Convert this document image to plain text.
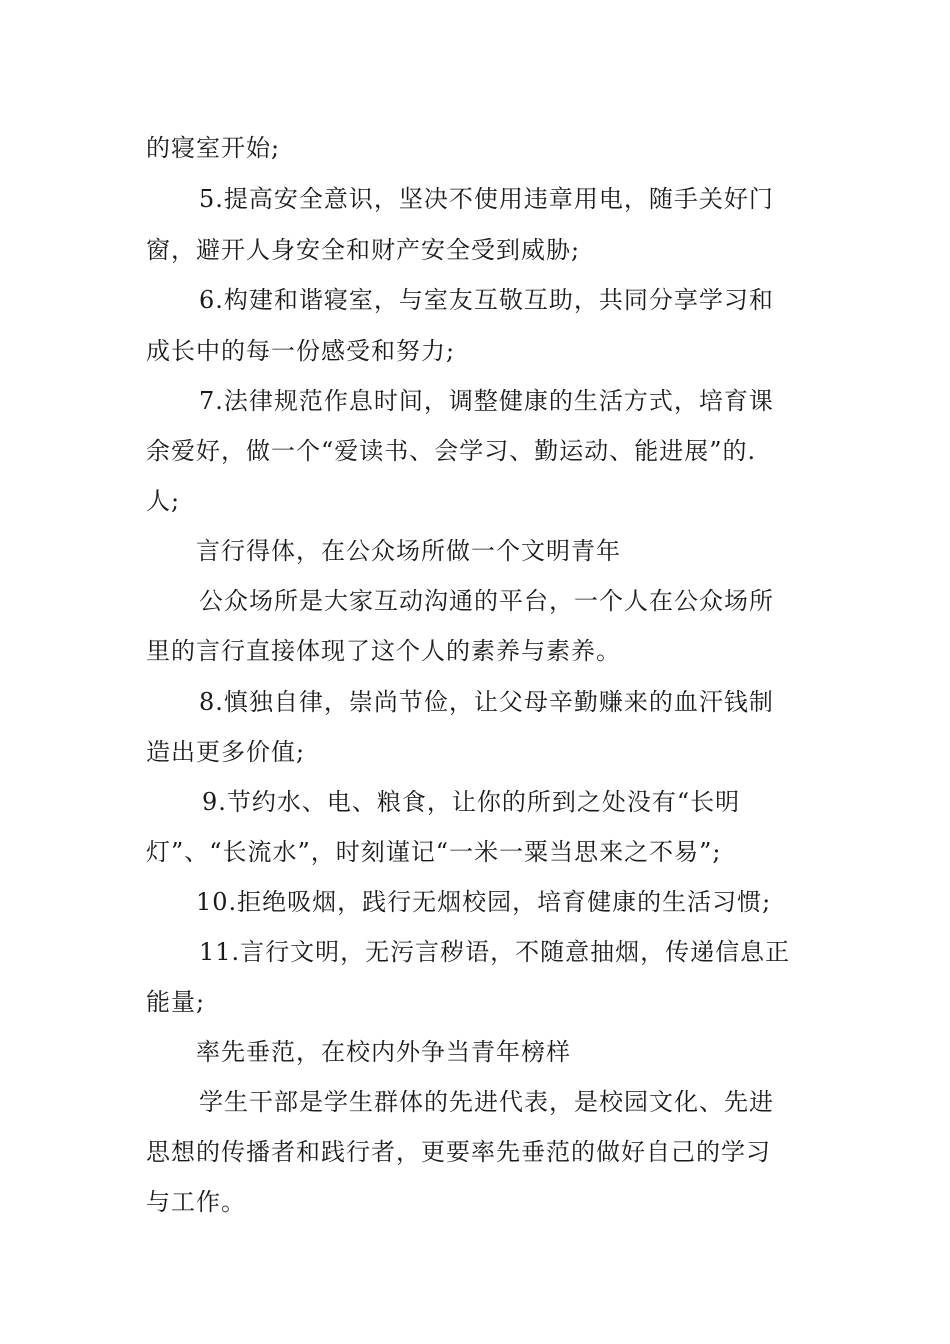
的寝室开始;
5.提高安全意识，坚决不使用违章用电，随手关好门
窗，避开人身安全和财产安全受到威胁;
6.构建和谐寝室，与室友互敬互助，共同分享学习和
成长中的每一份感受和努力;
7.法律规范作息时间，调整健康的生活方式，培育课
余爱好，做一个“爱读书、会学习、勤运动、能进展”的.
人;
言行得体，在公众场所做一个文明青年
公众场所是大家互动沟通的平台，一个人在公众场所
里的言行直接体现了这个人的素养与素养。
8.慎独自律，崇尚节俭，让父母辛勤赚来的血汗钱制
造出更多价值;
9.节约水、电、粮食，让你的所到之处没有“长明
灯”、“长流水”，时刻谨记“一米一粟当思来之不易”;
10.拒绝吸烟，践行无烟校园，培育健康的生活习惯;
11.言行文明，无污言秽语，不随意抽烟，传递信息正
能量;
率先垂范，在校内外争当青年榜样
学生干部是学生群体的先进代表，是校园文化、先进
思想的传播者和践行者，更要率先垂范的做好自己的学习
与工作。
